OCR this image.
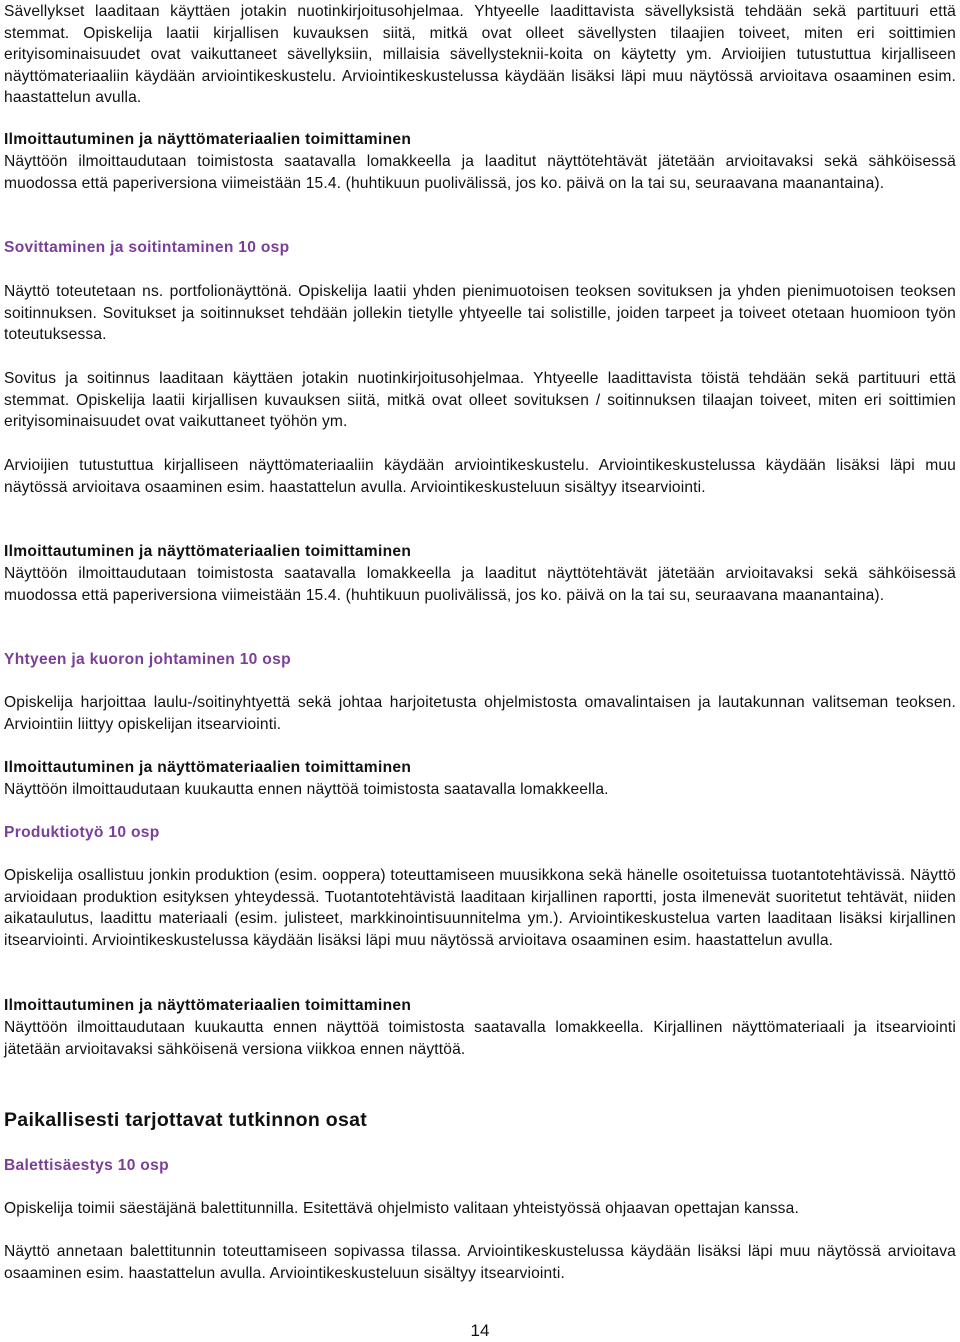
Sävellykset laaditaan käyttäen jotakin nuotinkirjoitusohjelmaa. Yhtyeelle laadittavista sävellyksistä tehdään sekä partituuri että stemmat. Opiskelija laatii kirjallisen kuvauksen siitä, mitkä ovat olleet sävellysten tilaajien toiveet, miten eri soittimien erityisominaisuudet ovat vaikuttaneet sävellyksiin, millaisia sävellysteknii-koita on käytetty ym. Arvioijien tutustuttua kirjalliseen näyttömateriaaliin käydään arviointikeskustelu. Arviointikeskustelussa käydään lisäksi läpi muu näytössä arvioitava osaaminen esim. haastattelun avulla.

Ilmoittautuminen ja näyttömateriaalien toimittaminen

Näyttöön ilmoittaudutaan toimistosta saatavalla lomakkeella ja laaditut näyttötehtävät jätetään arvioitavaksi sekä sähköisessä muodossa että paperiversiona viimeistään 15.4. (huhtikuun puolivälissä, jos ko. päivä on la tai su, seuraavana maanantaina).

Sovittaminen ja soitintaminen 10 osp

Näyttö toteutetaan ns. portfolionäyttönä. Opiskelija laatii yhden pienimuotoisen teoksen sovituksen ja yhden pienimuotoisen teoksen soitinnuksen. Sovitukset ja soitinnukset tehdään jollekin tietylle yhtyeelle tai solistille, joiden tarpeet ja toiveet otetaan huomioon työn toteutuksessa.

Sovitus ja soitinnus laaditaan käyttäen jotakin nuotinkirjoitusohjelmaa. Yhtyeelle laadittavista töistä tehdään sekä partituuri että stemmat. Opiskelija laatii kirjallisen kuvauksen siitä, mitkä ovat olleet sovituksen / soitinnuksen tilaajan toiveet, miten eri soittimien erityisominaisuudet ovat vaikuttaneet työhön ym.

Arvioijien tutustuttua kirjalliseen näyttömateriaaliin käydään arviointikeskustelu. Arviointikeskustelussa käydään lisäksi läpi muu näytössä arvioitava osaaminen esim. haastattelun avulla. Arviointikeskusteluun sisältyy itsearviointi.

Ilmoittautuminen ja näyttömateriaalien toimittaminen

Näyttöön ilmoittaudutaan toimistosta saatavalla lomakkeella ja laaditut näyttötehtävät jätetään arvioitavaksi sekä sähköisessä muodossa että paperiversiona viimeistään 15.4. (huhtikuun puolivälissä, jos ko. päivä on la tai su, seuraavana maanantaina).

Yhtyeen ja kuoron johtaminen 10 osp

Opiskelija harjoittaa laulu-/soitinyhtyettä sekä johtaa harjoitetusta ohjelmistosta omavalintaisen ja lautakunnan valitseman teoksen. Arviointiin liittyy opiskelijan itsearviointi.

Ilmoittautuminen ja näyttömateriaalien toimittaminen

Näyttöön ilmoittaudutaan kuukautta ennen näyttöä toimistosta saatavalla lomakkeella.

Produktiotyö 10 osp

Opiskelija osallistuu jonkin produktion (esim. ooppera) toteuttamiseen muusikkona sekä hänelle osoitetuissa tuotantotehtävissä. Näyttö arvioidaan produktion esityksen yhteydessä. Tuotantotehtävistä laaditaan kirjallinen raportti, josta ilmenevät suoritetut tehtävät, niiden aikataulutus, laadittu materiaali (esim. julisteet, markkinointisuunnitelma ym.). Arviointikeskustelua varten laaditaan lisäksi kirjallinen itsearviointi. Arviointikeskustelussa käydään lisäksi läpi muu näytössä arvioitava osaaminen esim. haastattelun avulla.

Ilmoittautuminen ja näyttömateriaalien toimittaminen

Näyttöön ilmoittaudutaan kuukautta ennen näyttöä toimistosta saatavalla lomakkeella. Kirjallinen näyttömateriaali ja itsearviointi jätetään arvioitavaksi sähköisenä versiona viikkoa ennen näyttöä.

Paikallisesti tarjottavat tutkinnon osat
Balettisäestys 10 osp

Opiskelija toimii säestäjänä balettitunnilla. Esitettävä ohjelmisto valitaan yhteistyössä ohjaavan opettajan kanssa.

Näyttö annetaan balettitunnin toteuttamiseen sopivassa tilassa. Arviointikeskustelussa käydään lisäksi läpi muu näytössä arvioitava osaaminen esim. haastattelun avulla. Arviointikeskusteluun sisältyy itsearviointi.

14
